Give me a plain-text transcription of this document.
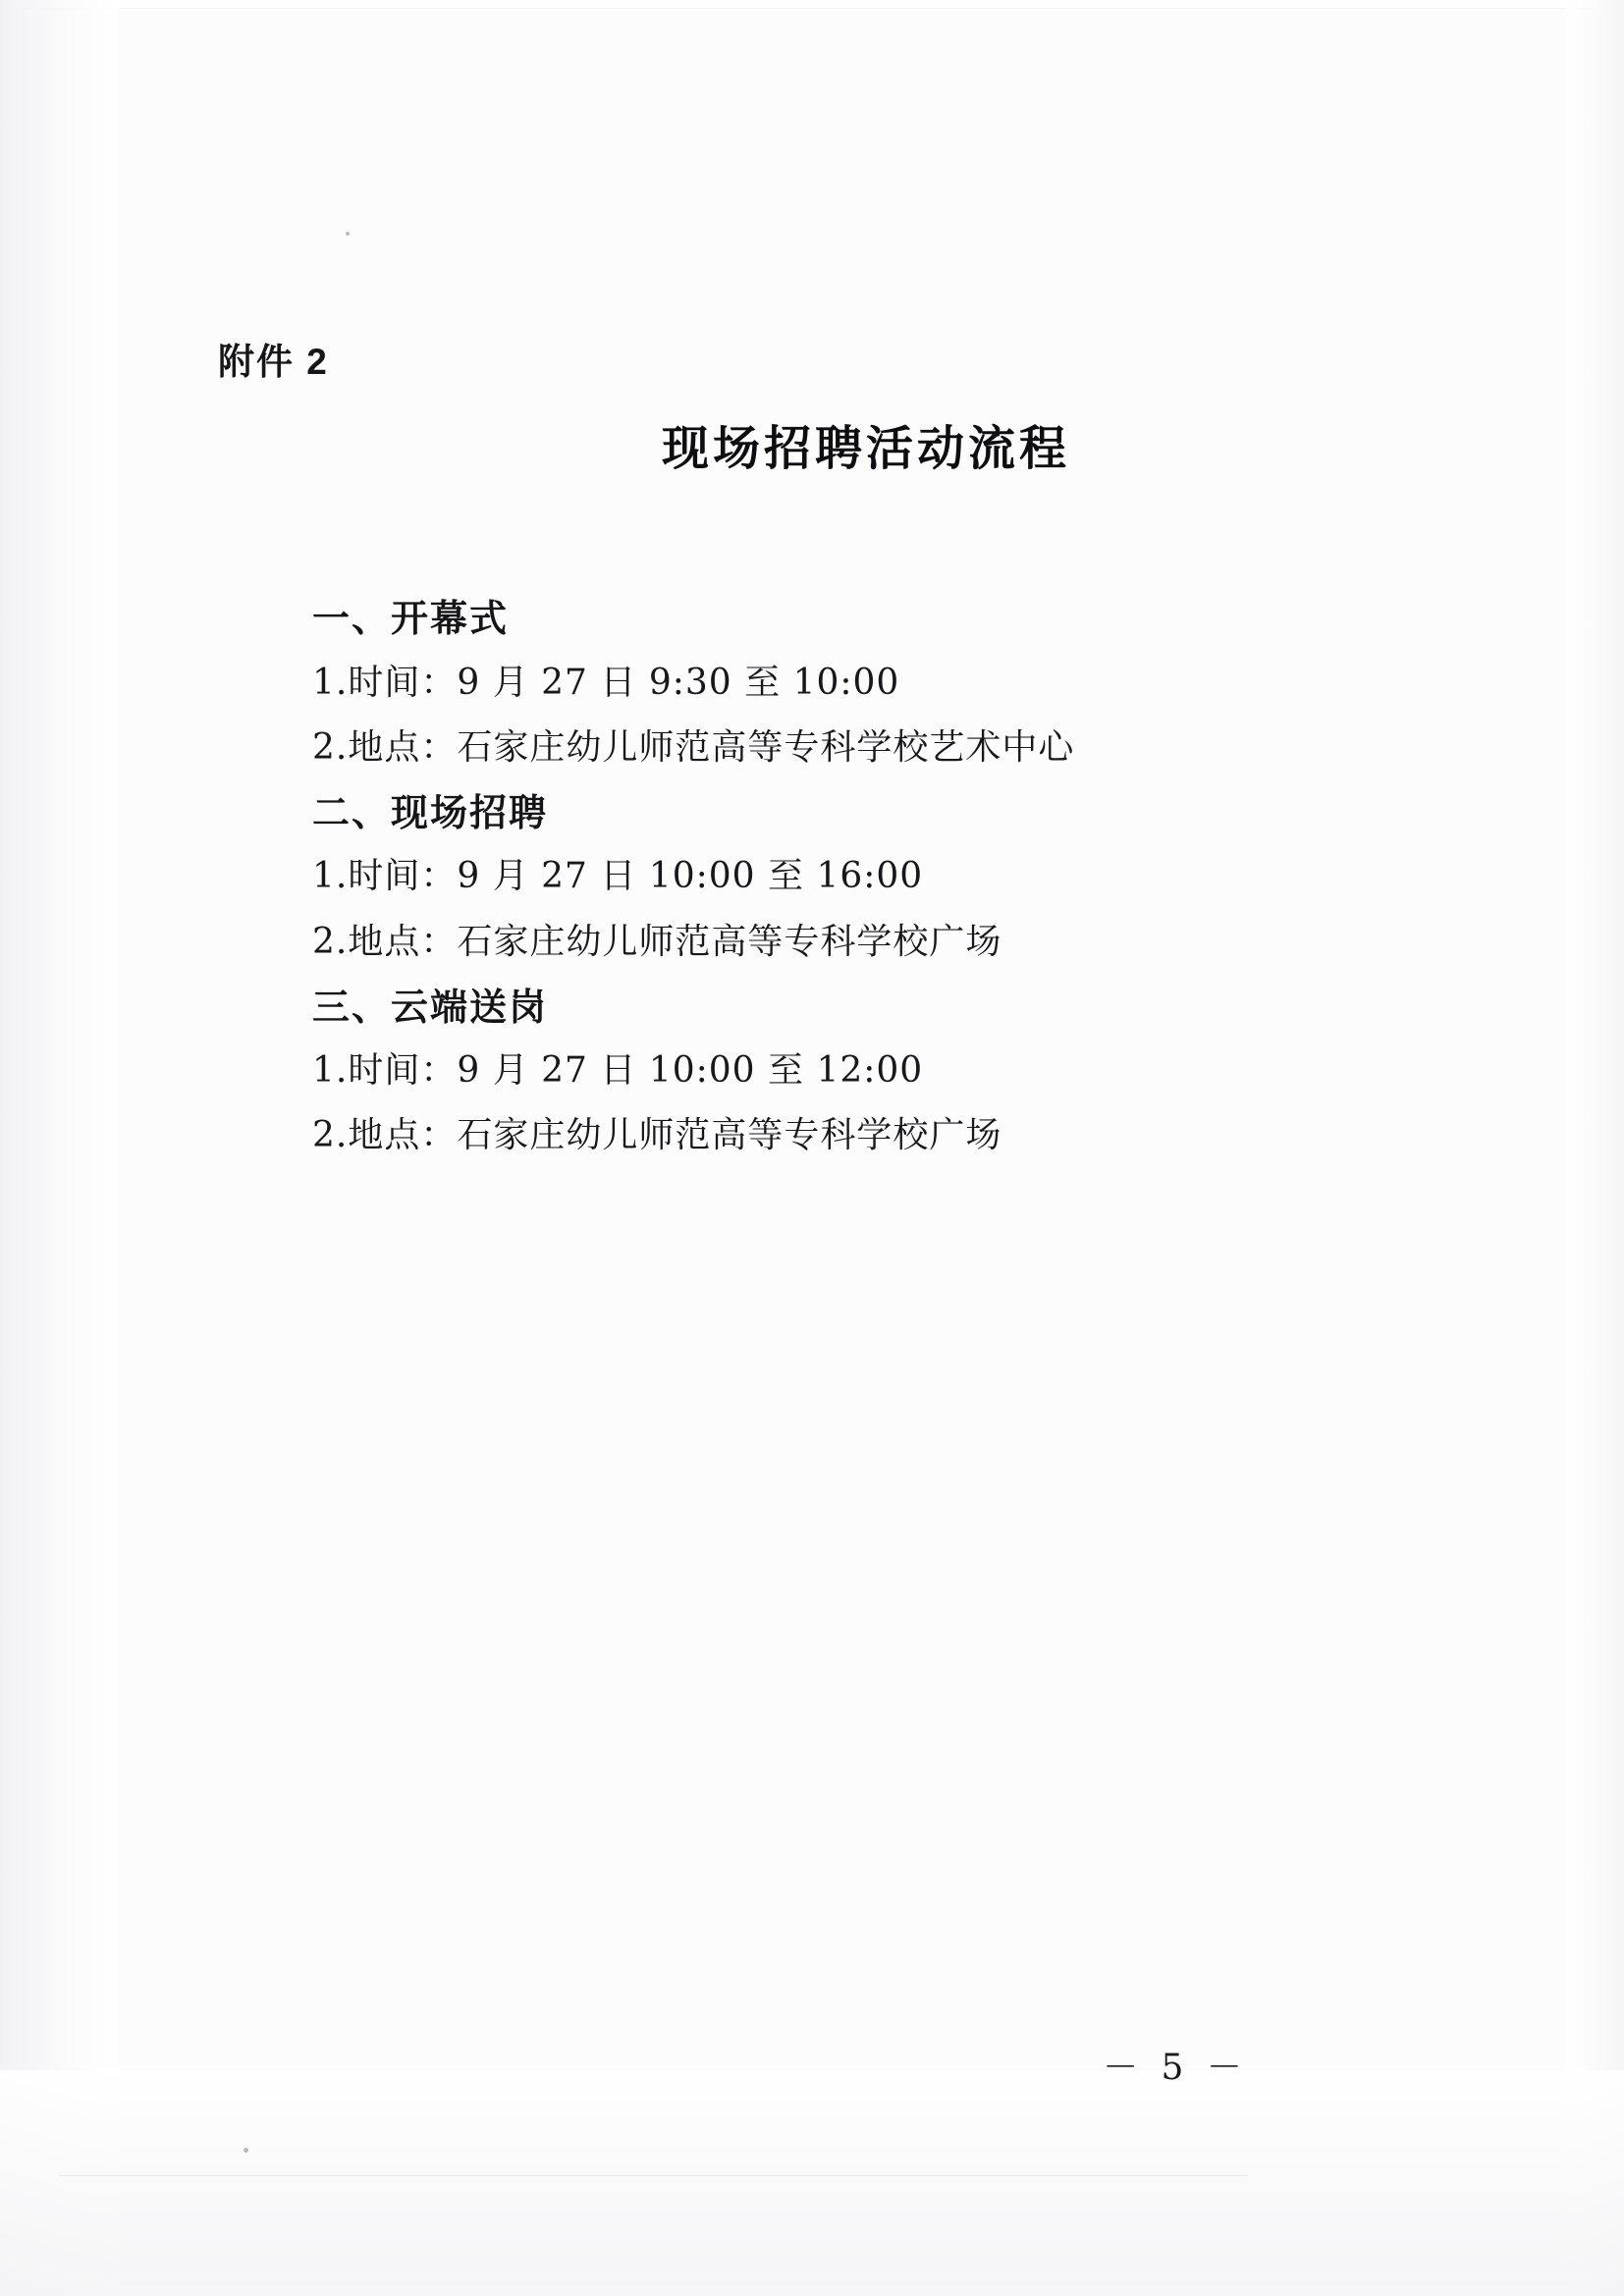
附件 2
现场招聘活动流程
一、开幕式
1.时间：9 月 27 日 9:30 至 10:00
2.地点：石家庄幼儿师范高等专科学校艺术中心
二、现场招聘
1.时间：9 月 27 日 10:00 至 16:00
2.地点：石家庄幼儿师范高等专科学校广场
三、云端送岗
1.时间：9 月 27 日 10:00 至 12:00
2.地点：石家庄幼儿师范高等专科学校广场
－ 5 －
